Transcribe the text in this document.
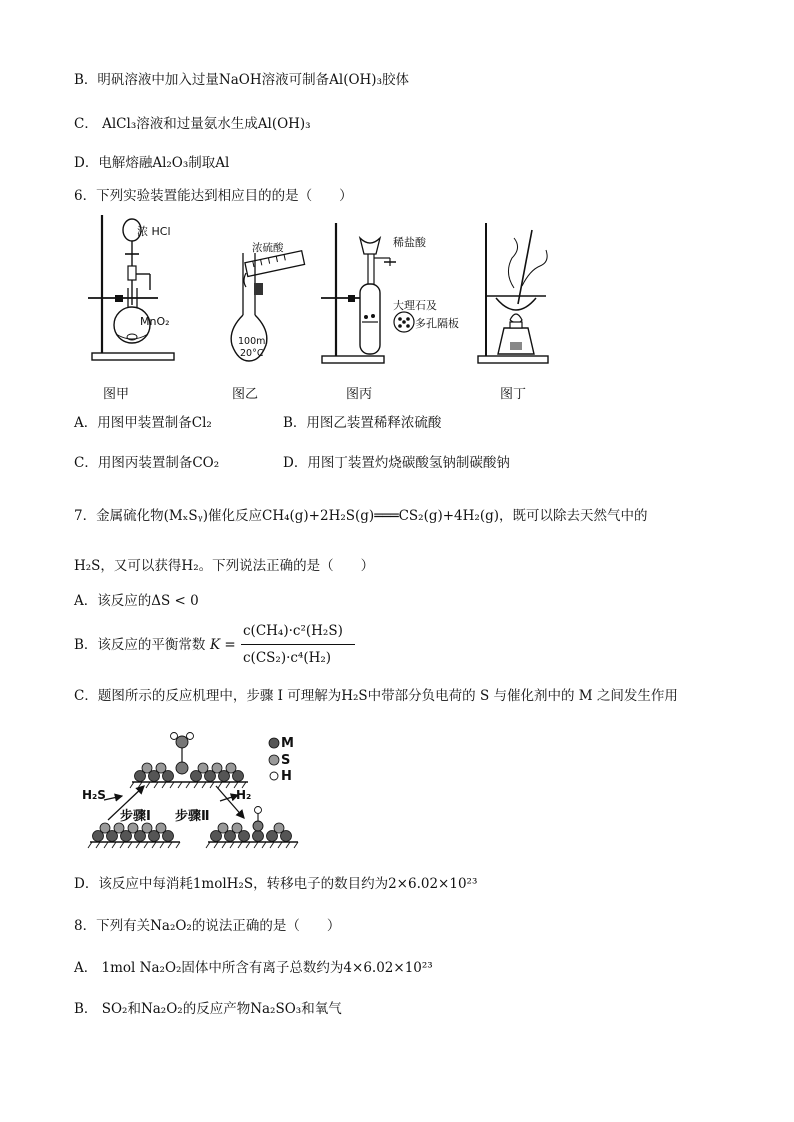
B．明矾溶液中加入过量NaOH溶液可制备Al(OH)₃胶体
C． AlCl₃溶液和过量氨水生成Al(OH)₃
D．电解熔融Al₂O₃制取Al
6．下列实验装置能达到相应目的的是（　　）
浓 HCl
MnO₂
图甲
浓硫酸
100ml
20°C
图乙
稀盐酸
大理石及
多孔隔板
图丙	图丁
A．用图甲装置制备Cl₂	B．用图乙装置稀释浓硫酸
C．用图丙装置制备CO₂	D．用图丁装置灼烧碳酸氢钠制碳酸钠
7．金属硫化物(MₓSᵧ)催化反应CH₄(g)+2H₂S(g)═══CS₂(g)+4H₂(g)，既可以除去天然气中的
H₂S，又可以获得H₂。下列说法正确的是（　　）
A．该反应的ΔS < 0
B．该反应的平衡常数 K =
c(CH₄)·c²(H₂S)
c(CS₂)·c⁴(H₂)
C．题图所示的反应机理中，步骤 I 可理解为H₂S中带部分负电荷的 S 与催化剂中的 M 之间发生作用
M
S
H
H₂S	H₂
步骤Ⅰ 步骤Ⅱ
D．该反应中每消耗1molH₂S，转移电子的数目约为2×6.02×10²³
8．下列有关Na₂O₂的说法正确的是（　　）
A． 1mol Na₂O₂固体中所含有离子总数约为4×6.02×10²³
B． SO₂和Na₂O₂的反应产物Na₂SO₃和氧气
